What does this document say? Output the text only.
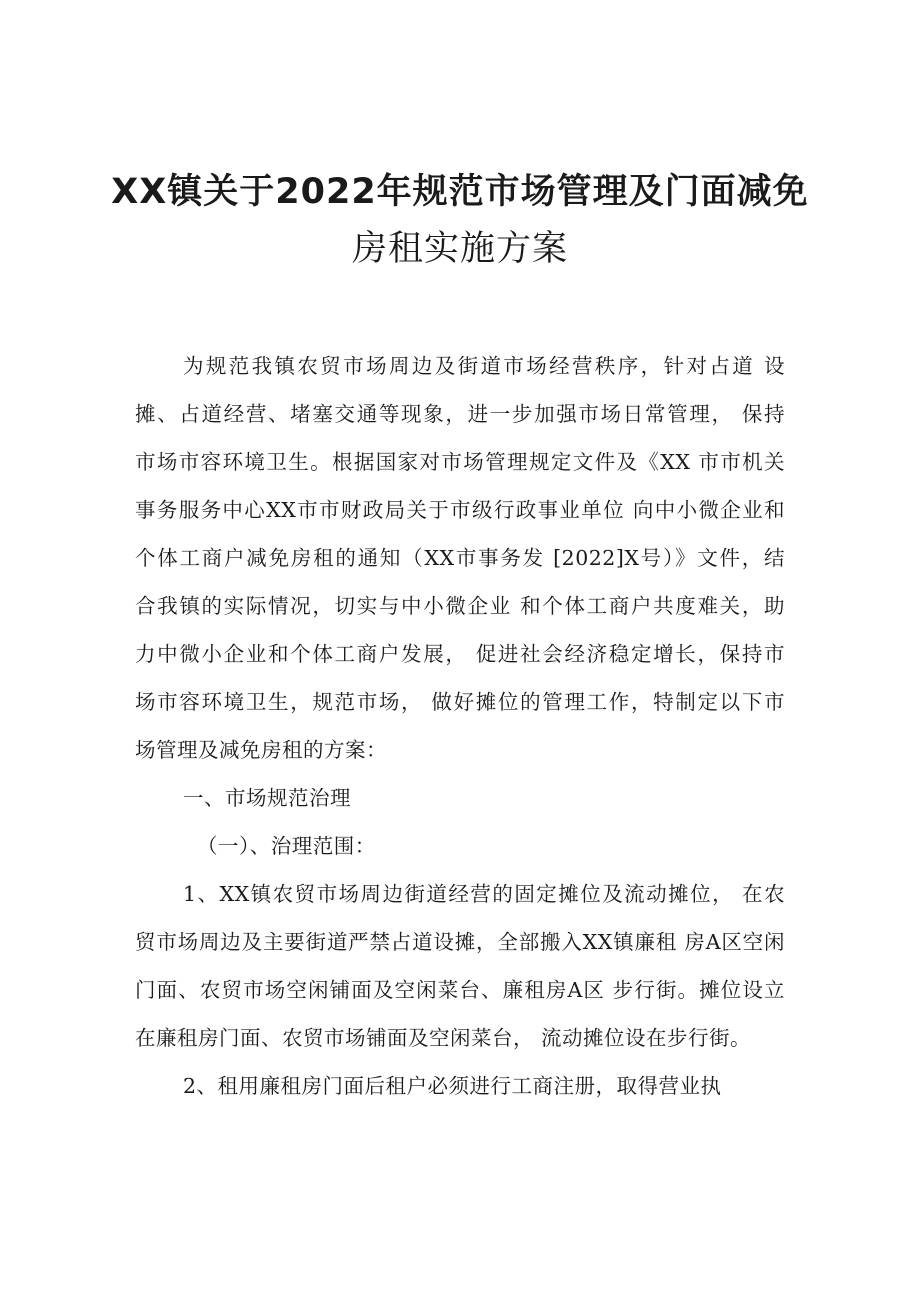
XX镇关于2022年规范市场管理及门面减免
房租实施方案
为规范我镇农贸市场周边及街道市场经营秩序，针对占道 设
摊、占道经营、堵塞交通等现象，进一步加强市场日常管理， 保持
市场市容环境卫生。根据国家对市场管理规定文件及《XX 市市机关
事务服务中心XX市市财政局关于市级行政事业单位 向中小微企业和
个体工商户减免房租的通知（XX市事务发 [2022]X号）》文件，结
合我镇的实际情况，切实与中小微企业 和个体工商户共度难关，助
力中微小企业和个体工商户发展， 促进社会经济稳定增长，保持市
场市容环境卫生，规范市场， 做好摊位的管理工作，特制定以下市
场管理及减免房租的方案：
一、市场规范治理
（一）、治理范围：
1、XX镇农贸市场周边街道经营的固定摊位及流动摊位， 在农
贸市场周边及主要街道严禁占道设摊，全部搬入XX镇廉租 房A区空闲
门面、农贸市场空闲铺面及空闲菜台、廉租房A区 步行街。摊位设立
在廉租房门面、农贸市场铺面及空闲菜台， 流动摊位设在步行街。
2、租用廉租房门面后租户必须进行工商注册，取得营业执
